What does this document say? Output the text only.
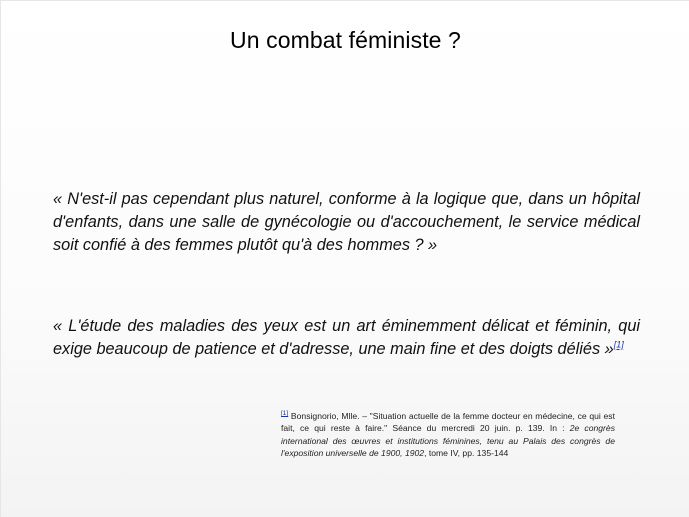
Un combat féministe ?

« N'est-il pas cependant plus naturel, conforme à la logique que, dans un hôpital d'enfants, dans une salle de gynécologie ou d'accouchement, le service médical soit confié à des femmes plutôt qu'à des hommes ? »

« L'étude des maladies des yeux est un art éminemment délicat et féminin, qui exige beaucoup de patience et d'adresse, une main fine et des doigts déliés »[1]

[1] Bonsignorio, Mlle. – "Situation actuelle de la femme docteur en médecine, ce qui est fait, ce qui reste à faire." Séance du mercredi 20 juin. p. 139. In : 2e congrès international des œuvres et institutions féminines, tenu au Palais des congrès de l'exposition universelle de 1900, 1902, tome IV, pp. 135-144
